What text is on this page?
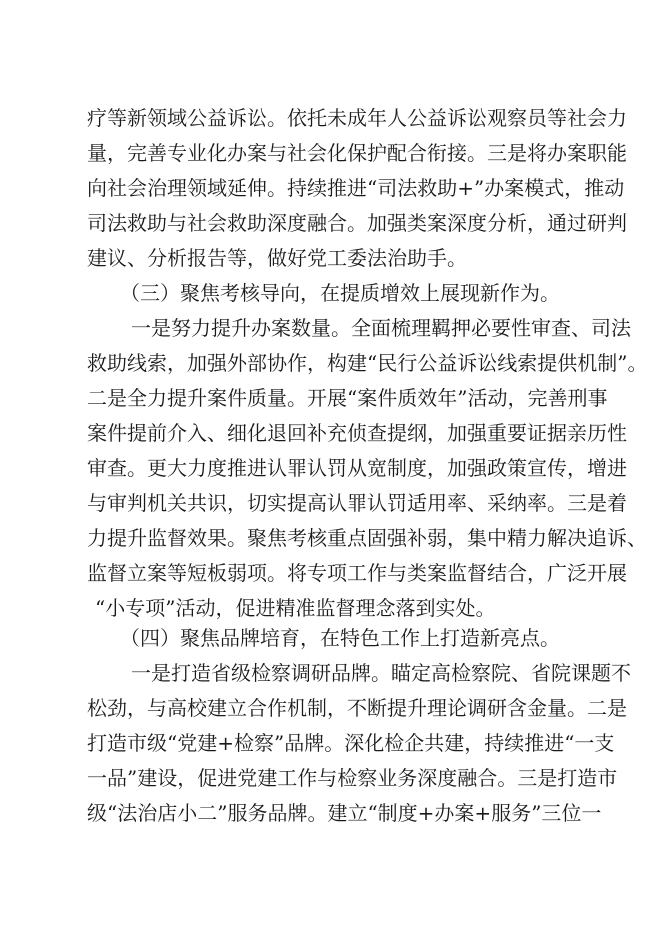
疗等新领域公益诉讼。依托未成年人公益诉讼观察员等社会力
量，完善专业化办案与社会化保护配合衔接。三是将办案职能
向社会治理领域延伸。持续推进“司法救助+”办案模式，推动
司法救助与社会救助深度融合。加强类案深度分析，通过研判
建议、分析报告等，做好党工委法治助手。
（三）聚焦考核导向，在提质增效上展现新作为。
一是努力提升办案数量。全面梳理羁押必要性审查、司法
救助线索，加强外部协作，构建“民行公益诉讼线索提供机制”。
二是全力提升案件质量。开展“案件质效年”活动，完善刑事
案件提前介入、细化退回补充侦查提纲，加强重要证据亲历性
审查。更大力度推进认罪认罚从宽制度，加强政策宣传，增进
与审判机关共识，切实提高认罪认罚适用率、采纳率。三是着
力提升监督效果。聚焦考核重点固强补弱，集中精力解决追诉、
监督立案等短板弱项。将专项工作与类案监督结合，广泛开展
“小专项”活动，促进精准监督理念落到实处。
（四）聚焦品牌培育，在特色工作上打造新亮点。
一是打造省级检察调研品牌。瞄定高检察院、省院课题不
松劲，与高校建立合作机制，不断提升理论调研含金量。二是
打造市级“党建+检察”品牌。深化检企共建，持续推进“一支
一品”建设，促进党建工作与检察业务深度融合。三是打造市
级“法治店小二”服务品牌。建立“制度+办案+服务”三位一
